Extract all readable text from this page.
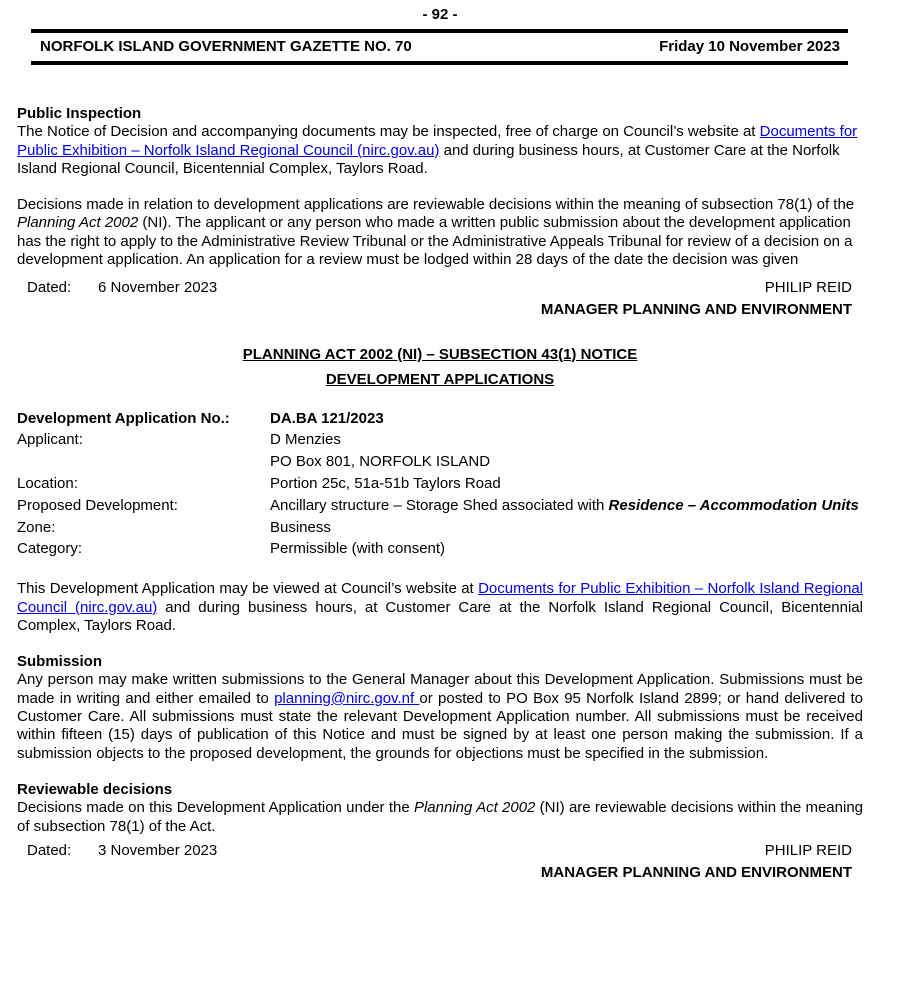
- 92 -
NORFOLK ISLAND GOVERNMENT GAZETTE NO. 70	Friday 10 November 2023
Public Inspection

The Notice of Decision and accompanying documents may be inspected, free of charge on Council’s website at Documents for Public Exhibition – Norfolk Island Regional Council (nirc.gov.au) and during business hours, at Customer Care at the Norfolk Island Regional Council, Bicentennial Complex, Taylors Road.

Decisions made in relation to development applications are reviewable decisions within the meaning of subsection 78(1) of the Planning Act 2002 (NI). The applicant or any person who made a written public submission about the development application has the right to apply to the Administrative Review Tribunal or the Administrative Appeals Tribunal for review of a decision on a development application. An application for a review must be lodged within 28 days of the date the decision was given

Dated: 6 November 2023	PHILIP REID
MANAGER PLANNING AND ENVIRONMENT
PLANNING ACT 2002 (NI) – SUBSECTION 43(1) NOTICE
DEVELOPMENT APPLICATIONS
Development Application No.:	DA.BA 121/2023
Applicant:	D Menzies
PO Box 801, NORFOLK ISLAND

Location:	Portion 25c, 51a-51b Taylors Road
Proposed Development:	Ancillary structure – Storage Shed associated with Residence – Accommodation Units
Zone:	Business
Category:	Permissible (with consent)

This Development Application may be viewed at Council’s website at Documents for Public Exhibition – Norfolk Island Regional Council (nirc.gov.au) and during business hours, at Customer Care at the Norfolk Island Regional Council, Bicentennial Complex, Taylors Road.

Submission

Any person may make written submissions to the General Manager about this Development Application. Submissions must be made in writing and either emailed to planning@nirc.gov.nf or posted to PO Box 95 Norfolk Island 2899; or hand delivered to Customer Care. All submissions must state the relevant Development Application number. All submissions must be received within fifteen (15) days of publication of this Notice and must be signed by at least one person making the submission. If a submission objects to the proposed development, the grounds for objections must be specified in the submission.

Reviewable decisions

Decisions made on this Development Application under the Planning Act 2002 (NI) are reviewable decisions within the meaning of subsection 78(1) of the Act.

Dated: 3 November 2023	PHILIP REID
MANAGER PLANNING AND ENVIRONMENT
